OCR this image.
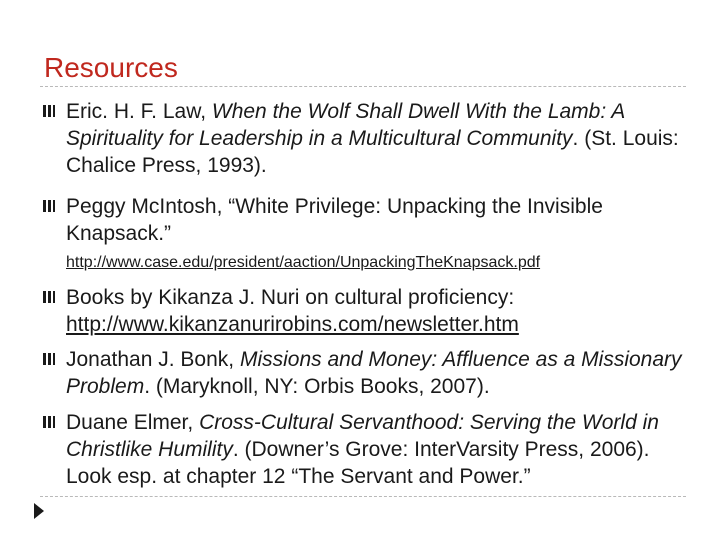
Resources
Eric. H. F. Law, When the Wolf Shall Dwell With the Lamb: A Spirituality for Leadership in a Multicultural Community. (St. Louis: Chalice Press, 1993).
Peggy McIntosh, “White Privilege: Unpacking the Invisible Knapsack.”
http://www.case.edu/president/aaction/UnpackingTheKnapsack.pdf
Books by Kikanza J. Nuri on cultural proficiency:
http://www.kikanzanurirobins.com/newsletter.htm
Jonathan J. Bonk, Missions and Money: Affluence as a Missionary Problem. (Maryknoll, NY: Orbis Books, 2007).
Duane Elmer, Cross-Cultural Servanthood: Serving the World in Christlike Humility. (Downer’s Grove: InterVarsity Press, 2006). Look esp. at chapter 12 “The Servant and Power.”
